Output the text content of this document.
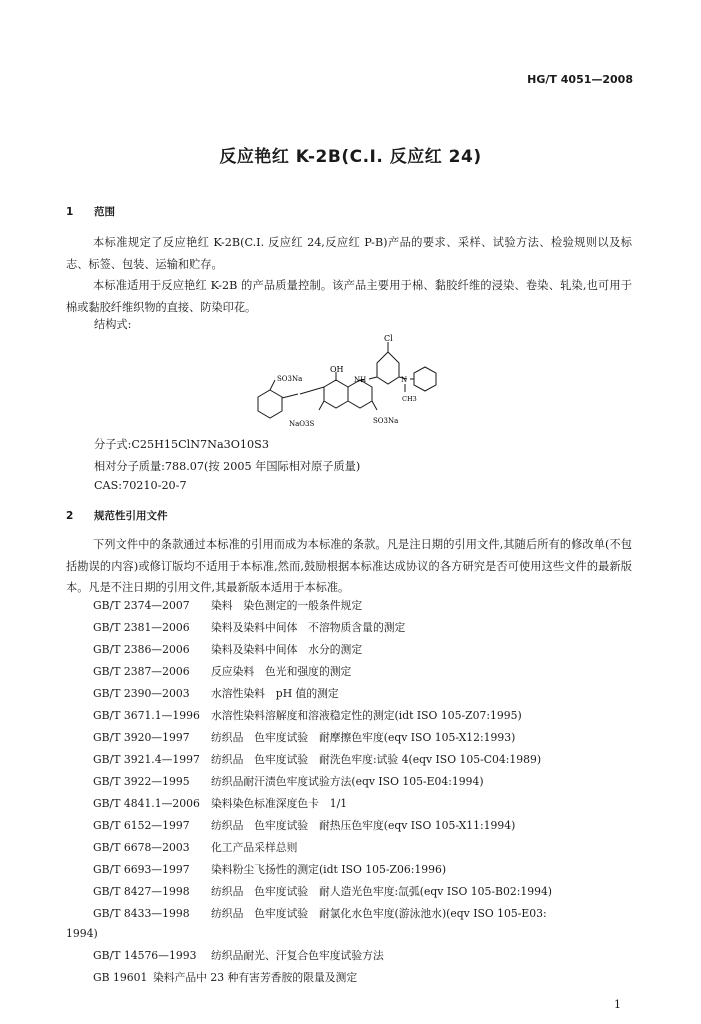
HG/T 4051—2008
反应艳红 K-2B(C.I. 反应红 24)
1 范围
本标准规定了反应艳红 K-2B(C.I. 反应红 24,反应红 P-B)产品的要求、采样、试验方法、检验规则以及标志、标签、包装、运输和贮存。
本标准适用于反应艳红 K-2B 的产品质量控制。该产品主要用于棉、黏胶纤维的浸染、卷染、轧染,也可用于棉或黏胶纤维织物的直接、防染印花。
结构式:
Cl
SO3Na
OH
NH	N
CH3
NaO3S	SO3Na
分子式:C25H15ClN7Na3O10S3
相对分子质量:788.07(按 2005 年国际相对原子质量)
CAS:70210-20-7
2 规范性引用文件
下列文件中的条款通过本标准的引用而成为本标准的条款。凡是注日期的引用文件,其随后所有的修改单(不包括勘误的内容)或修订版均不适用于本标准,然而,鼓励根据本标准达成协议的各方研究是否可使用这些文件的最新版本。凡是不注日期的引用文件,其最新版本适用于本标准。
GB/T 2374—2007 染料　染色测定的一般条件规定
GB/T 2381—2006 染料及染料中间体　不溶物质含量的测定
GB/T 2386—2006 染料及染料中间体　水分的测定
GB/T 2387—2006 反应染料　色光和强度的测定
GB/T 2390—2003 水溶性染料　pH 值的测定
GB/T 3671.1—1996 水溶性染料溶解度和溶液稳定性的测定(idt ISO 105-Z07:1995)
GB/T 3920—1997 纺织品　色牢度试验　耐摩擦色牢度(eqv ISO 105-X12:1993)
GB/T 3921.4—1997 纺织品　色牢度试验　耐洗色牢度:试验 4(eqv ISO 105-C04:1989)
GB/T 3922—1995 纺织品耐汗渍色牢度试验方法(eqv ISO 105-E04:1994)
GB/T 4841.1—2006 染料染色标准深度色卡　1/1
GB/T 6152—1997 纺织品　色牢度试验　耐热压色牢度(eqv ISO 105-X11:1994)
GB/T 6678—2003 化工产品采样总则
GB/T 6693—1997 染料粉尘飞扬性的测定(idt ISO 105-Z06:1996)
GB/T 8427—1998 纺织品　色牢度试验　耐人造光色牢度:氙弧(eqv ISO 105-B02:1994)
GB/T 8433—1998 纺织品　色牢度试验　耐氯化水色牢度(游泳池水)(eqv ISO 105-E03:
1994)
GB/T 14576—1993 纺织品耐光、汗复合色牢度试验方法
GB 19601 染料产品中 23 种有害芳香胺的限量及测定
1
